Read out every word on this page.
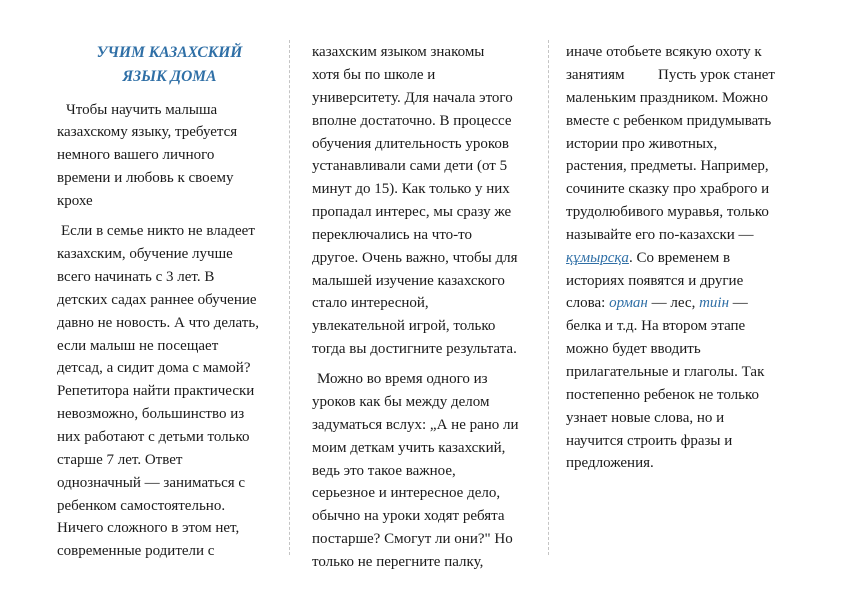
УЧИМ КАЗАХСКИЙ
ЯЗЫК ДОМА
Чтобы научить малыша
казахскому языку, требуется
немного вашего личного
времени и любовь к своему
крохе
Если в семье никто не владеет
казахским, обучение лучше
всего начинать с 3 лет. В
детских садах раннее обучение
давно не новость. А что делать,
если малыш не посещает
детсад, а сидит дома с мамой?
Репетитора найти практически
невозможно, большинство из
них работают с детьми только
старше 7 лет. Ответ
однозначный — заниматься с
ребенком самостоятельно.
Ничего сложного в этом нет,
современные родители с
казахским языком знакомы
хотя бы по школе и
университету. Для начала этого
вполне достаточно. В процессе
обучения длительность уроков
устанавливали сами дети (от 5
минут до 15). Как только у них
пропадал интерес, мы сразу же
переключались на что-то
другое. Очень важно, чтобы для
малышей изучение казахского
стало интересной,
увлекательной игрой, только
тогда вы достигните результата.
Можно во время одного из
уроков как бы между делом
задуматься вслух: „А не рано ли
моим деткам учить казахский,
ведь это такое важное,
серьезное и интересное дело,
обычно на уроки ходят ребята
постарше? Смогут ли они?" Но
только не перегните палку,
иначе отобьете всякую охоту к
занятиям Пусть урок станет
маленьким праздником. Можно
вместе с ребенком придумывать
истории про животных,
растения, предметы. Например,
сочините сказку про храброго и
трудолюбивого муравья, только
называйте его по-казахски —
құмырсқа. Со временем в
историях появятся и другие
слова: орман — лес, тиін —
белка и т.д. На втором этапе
можно будет вводить
прилагательные и глаголы. Так
постепенно ребенок не только
узнает новые слова, но и
научится строить фразы и
предложения.
